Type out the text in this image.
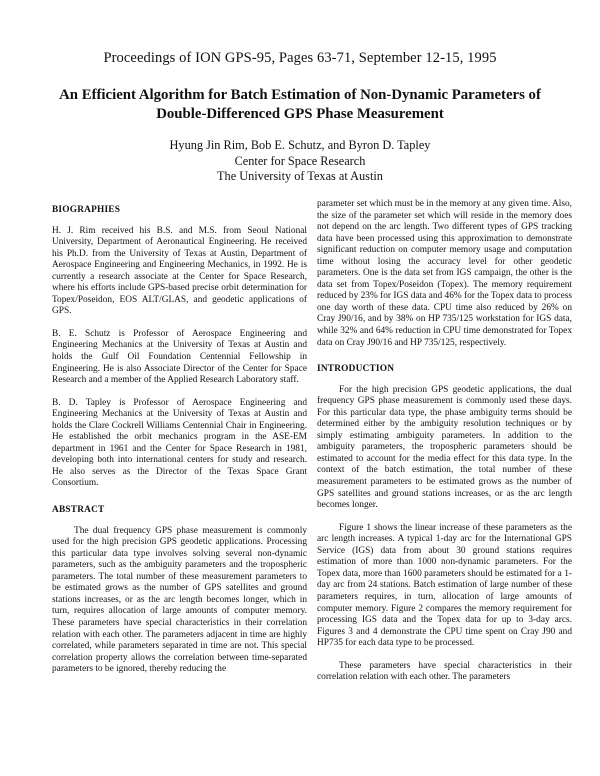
Proceedings of ION GPS-95, Pages 63-71, September 12-15, 1995
An Efficient Algorithm for Batch Estimation of Non-Dynamic Parameters of Double-Differenced GPS Phase Measurement
Hyung Jin Rim, Bob E. Schutz, and Byron D. Tapley
Center for Space Research
The University of Texas at Austin
BIOGRAPHIES

H. J. Rim received his B.S. and M.S. from Seoul National University, Department of Aeronautical Engineering. He received his Ph.D. from the University of Texas at Austin, Department of Aerospace Engineering and Engineering Mechanics, in 1992. He is currently a research associate at the Center for Space Research, where his efforts include GPS-based precise orbit determination for Topex/Poseidon, EOS ALT/GLAS, and geodetic applications of GPS.

B. E. Schutz is Professor of Aerospace Engineering and Engineering Mechanics at the University of Texas at Austin and holds the Gulf Oil Foundation Centennial Fellowship in Engineering. He is also Associate Director of the Center for Space Research and a member of the Applied Research Laboratory staff.

B. D. Tapley is Professor of Aerospace Engineering and Engineering Mechanics at the University of Texas at Austin and holds the Clare Cockrell Williams Centennial Chair in Engineering. He established the orbit mechanics program in the ASE-EM department in 1961 and the Center for Space Research in 1981, developing both into international centers for study and research. He also serves as the Director of the Texas Space Grant Consortium.

ABSTRACT

The dual frequency GPS phase measurement is commonly used for the high precision GPS geodetic applications. Processing this particular data type involves solving several non-dynamic parameters, such as the ambiguity parameters and the tropospheric parameters. The total number of these measurement parameters to be estimated grows as the number of GPS satellites and ground stations increases, or as the arc length becomes longer, which in turn, requires allocation of large amounts of computer memory. These parameters have special characteristics in their correlation relation with each other. The parameters adjacent in time are highly correlated, while parameters separated in time are not. This special correlation property allows the correlation between time-separated parameters to be ignored, thereby reducing the

parameter set which must be in the memory at any given time. Also, the size of the parameter set which will reside in the memory does not depend on the arc length. Two different types of GPS tracking data have been processed using this approximation to demonstrate significant reduction on computer memory usage and computation time without losing the accuracy level for other geodetic parameters. One is the data set from IGS campaign, the other is the data set from Topex/Poseidon (Topex). The memory requirement reduced by 23% for IGS data and 46% for the Topex data to process one day worth of these data. CPU time also reduced by 26% on Cray J90/16, and by 38% on HP 735/125 workstation for IGS data, while 32% and 64% reduction in CPU time demonstrated for Topex data on Cray J90/16 and HP 735/125, respectively.

INTRODUCTION

For the high precision GPS geodetic applications, the dual frequency GPS phase measurement is commonly used these days. For this particular data type, the phase ambiguity terms should be determined either by the ambiguity resolution techniques or by simply estimating ambiguity parameters. In addition to the ambiguity parameters, the tropospheric parameters should be estimated to account for the media effect for this data type. In the context of the batch estimation, the total number of these measurement parameters to be estimated grows as the number of GPS satellites and ground stations increases, or as the arc length becomes longer.

Figure 1 shows the linear increase of these parameters as the arc length increases. A typical 1-day arc for the International GPS Service (IGS) data from about 30 ground stations requires estimation of more than 1000 non-dynamic parameters. For the Topex data, more than 1600 parameters should be estimated for a 1-day arc from 24 stations. Batch estimation of large number of these parameters requires, in turn, allocation of large amounts of computer memory. Figure 2 compares the memory requirement for processing IGS data and the Topex data for up to 3-day arcs. Figures 3 and 4 demonstrate the CPU time spent on Cray J90 and HP735 for each data type to be processed.

These parameters have special characteristics in their correlation relation with each other. The parameters
